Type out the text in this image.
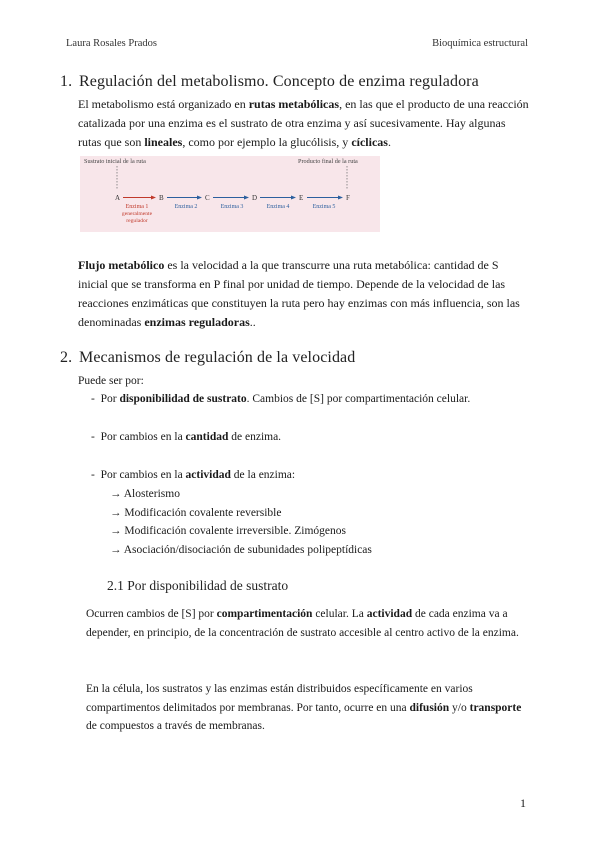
Laura Rosales Prados	Bioquímica estructural
1. Regulación del metabolismo. Concepto de enzima reguladora
El metabolismo está organizado en rutas metabólicas, en las que el producto de una reacción catalizada por una enzima es el sustrato de otra enzima y así sucesivamente. Hay algunas rutas que son lineales, como por ejemplo la glucólisis, y cíclicas.
Sustrato inicial de la ruta	Producto final de la ruta
A	B	C	D	E	F
Enzima 1
generalmente
regulador
Enzima 2	Enzima 3	Enzima 4	Enzima 5
Flujo metabólico es la velocidad a la que transcurre una ruta metabólica: cantidad de S inicial que se transforma en P final por unidad de tiempo. Depende de la velocidad de las reacciones enzimáticas que constituyen la ruta pero hay enzimas con más influencia, son las denominadas enzimas reguladoras..
2. Mecanismos de regulación de la velocidad
Puede ser por:
- Por disponibilidad de sustrato. Cambios de [S] por compartimentación celular.
- Por cambios en la cantidad de enzima.
- Por cambios en la actividad de la enzima:
→ Alosterismo
→ Modificación covalente reversible
→ Modificación covalente irreversible. Zimógenos
→ Asociación/disociación de subunidades polipeptídicas
2.1 Por disponibilidad de sustrato
Ocurren cambios de [S] por compartimentación celular. La actividad de cada enzima va a depender, en principio, de la concentración de sustrato accesible al centro activo de la enzima.
En la célula, los sustratos y las enzimas están distribuidos específicamente en varios compartimentos delimitados por membranas. Por tanto, ocurre en una difusión y/o transporte de compuestos a través de membranas.
1
